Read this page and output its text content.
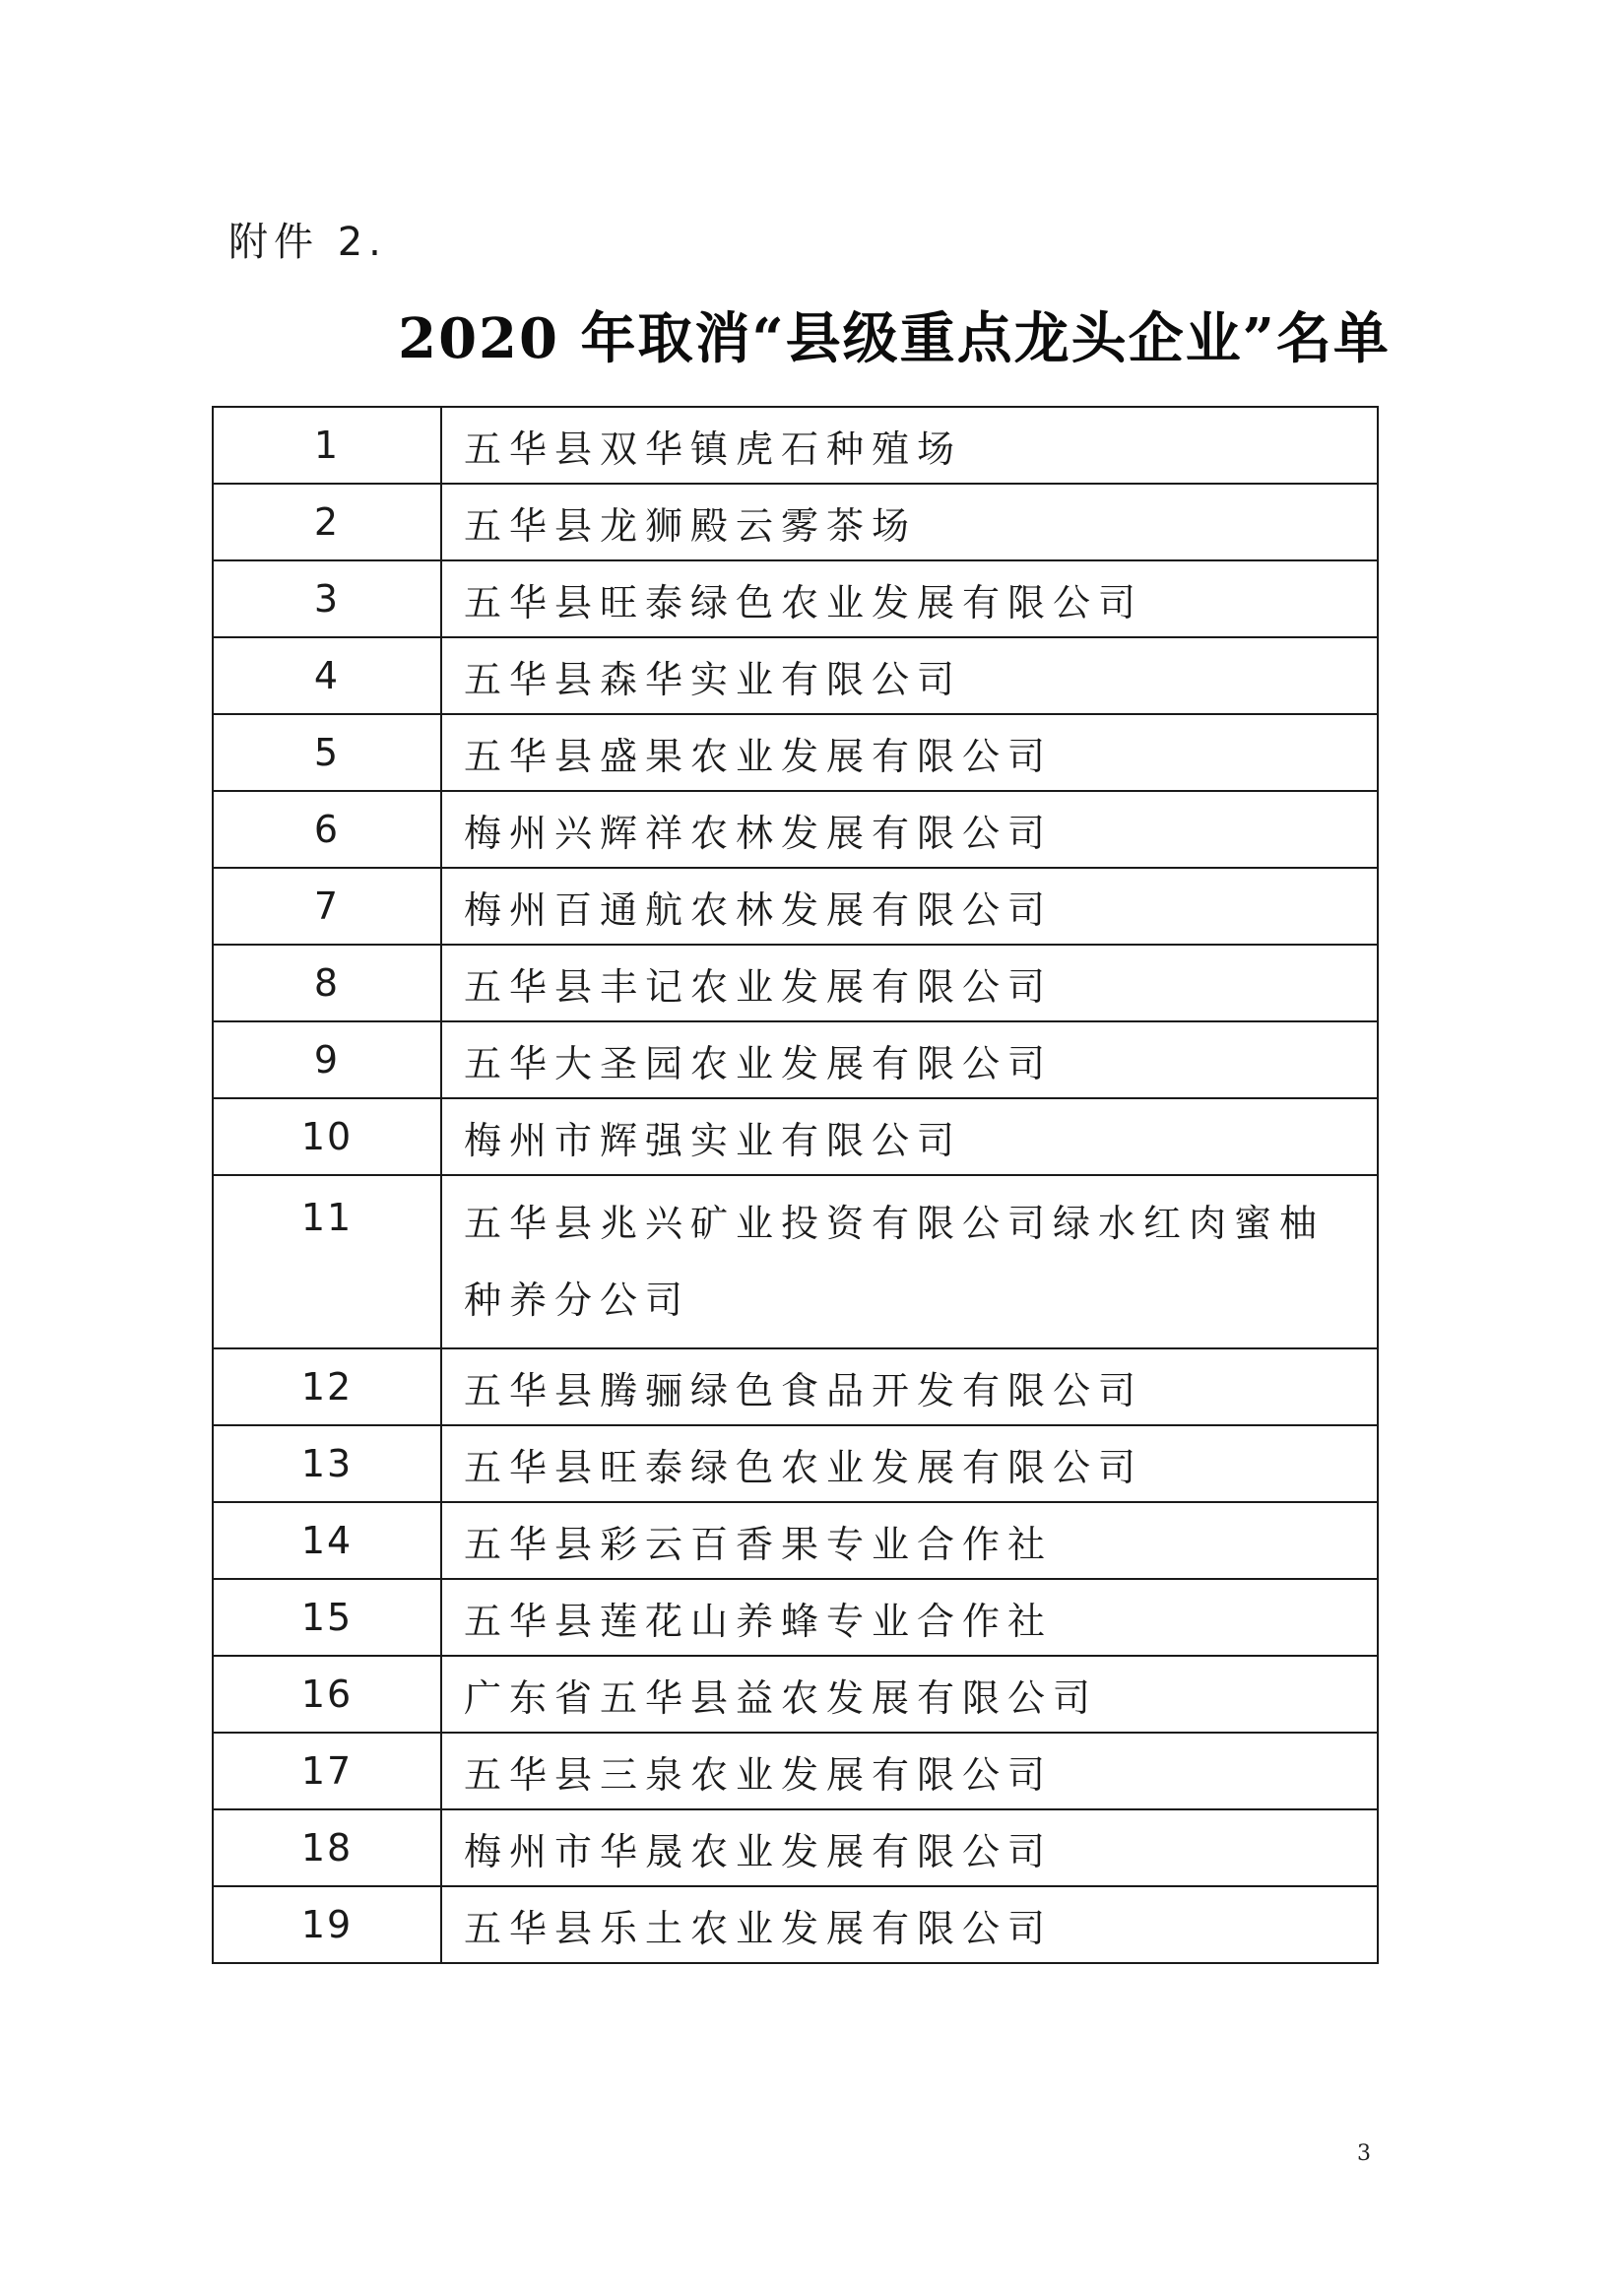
附件 2.
2020 年取消“县级重点龙头企业”名单
1	五华县双华镇虎石种殖场
2	五华县龙狮殿云雾茶场
3	五华县旺泰绿色农业发展有限公司
4	五华县森华实业有限公司
5	五华县盛果农业发展有限公司
6	梅州兴辉祥农林发展有限公司
7	梅州百通航农林发展有限公司
8	五华县丰记农业发展有限公司
9	五华大圣园农业发展有限公司
10	梅州市辉强实业有限公司
11	五华县兆兴矿业投资有限公司绿水红肉蜜柚种养分公司
12	五华县腾骊绿色食品开发有限公司
13	五华县旺泰绿色农业发展有限公司
14	五华县彩云百香果专业合作社
15	五华县莲花山养蜂专业合作社
16	广东省五华县益农发展有限公司
17	五华县三泉农业发展有限公司
18	梅州市华晟农业发展有限公司
19	五华县乐土农业发展有限公司
3
